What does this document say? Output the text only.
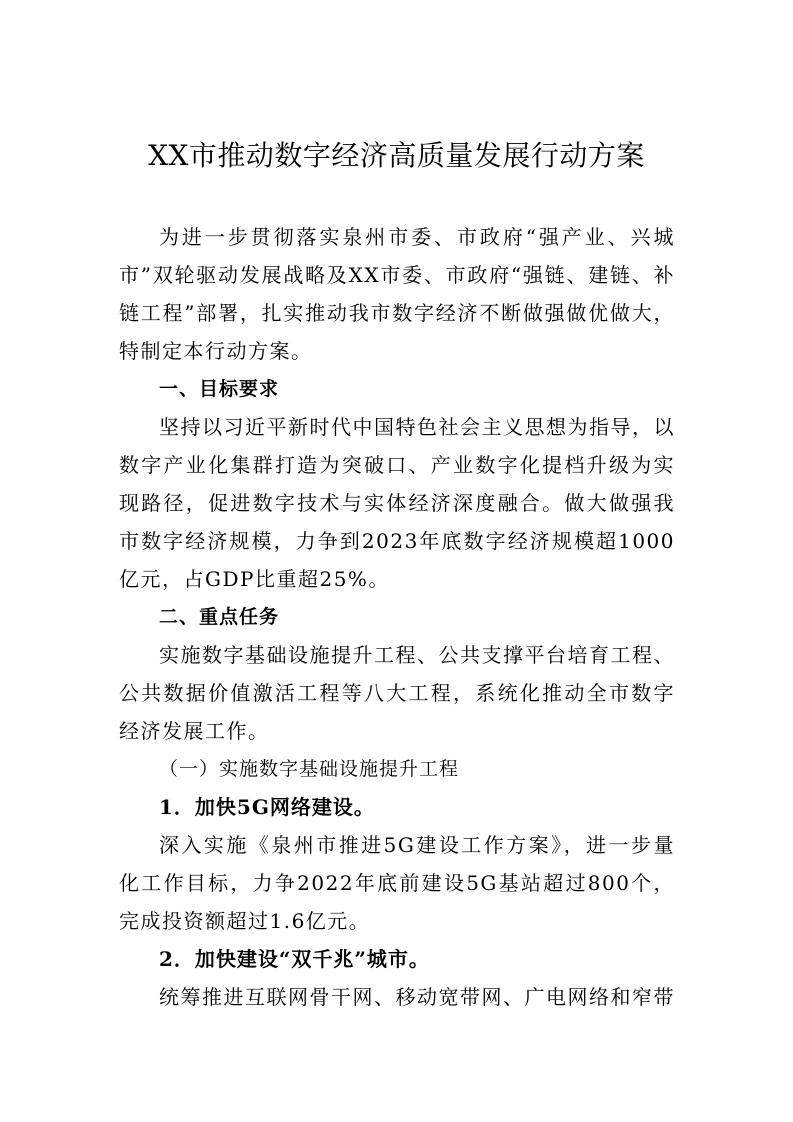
XX市推动数字经济高质量发展行动方案

为进一步贯彻落实泉州市委、市政府“强产业、兴城市”双轮驱动发展战略及XX市委、市政府“强链、建链、补链工程”部署，扎实推动我市数字经济不断做强做优做大，特制定本行动方案。

一、目标要求

坚持以习近平新时代中国特色社会主义思想为指导，以数字产业化集群打造为突破口、产业数字化提档升级为实现路径，促进数字技术与实体经济深度融合。做大做强我市数字经济规模，力争到2023年底数字经济规模超1000亿元，占GDP比重超25%。

二、重点任务

实施数字基础设施提升工程、公共支撑平台培育工程、公共数据价值激活工程等八大工程，系统化推动全市数字经济发展工作。

（一）实施数字基础设施提升工程

1．加快5G网络建设。

深入实施《泉州市推进5G建设工作方案》，进一步量化工作目标，力争2022年底前建设5G基站超过800个，完成投资额超过1.6亿元。

2．加快建设“双千兆”城市。

统筹推进互联网骨干网、移动宽带网、广电网络和窄带
